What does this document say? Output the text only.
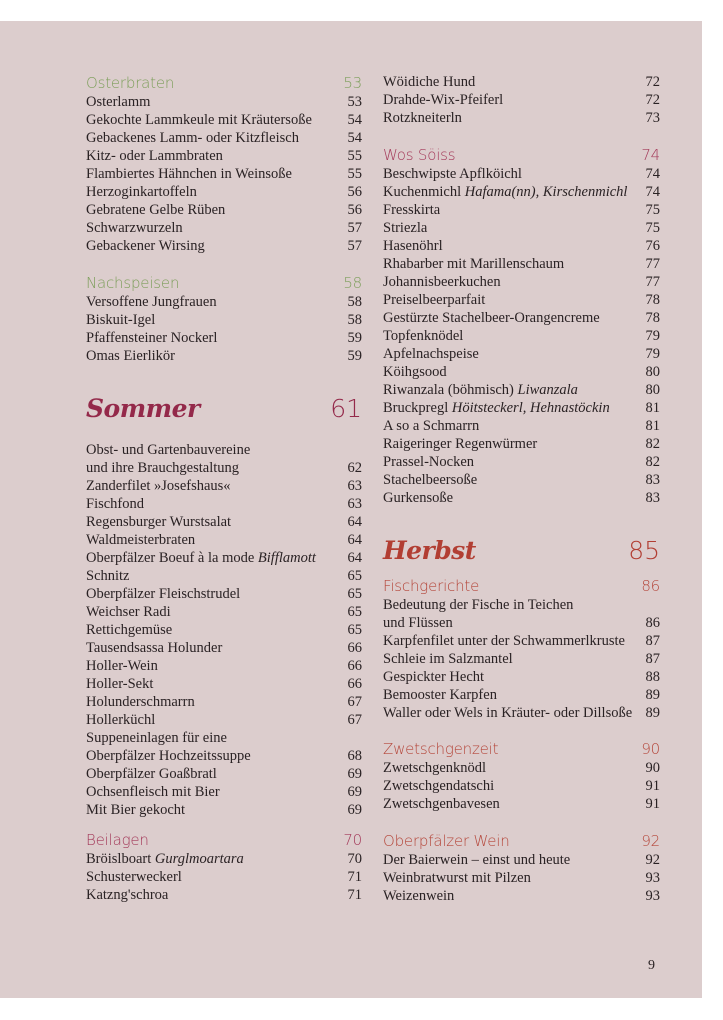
Osterbraten	53
Osterlamm	53
Gekochte Lammkeule mit Kräutersoße 54
Gebackenes Lamm- oder Kitzfleisch	54
Kitz- oder Lammbraten	55
Flambiertes Hähnchen in Weinsoße	55
Herzoginkartoffeln	56
Gebratene Gelbe Rüben	56
Schwarzwurzeln	57
Gebackener Wirsing	57
Nachspeisen	58
Versoffene Jungfrauen	58
Biskuit-Igel	58
Pfaffensteiner Nockerl	59
Omas Eierlikör	59
Sommer	61
Obst- und Gartenbauvereine
und ihre Brauchgestaltung	62
Zanderfilet »Josefshaus«	63
Fischfond	63
Regensburger Wurstsalat	64
Waldmeisterbraten	64
Oberpfälzer Boeuf à la mode Bifflamott 64
Schnitz	65
Oberpfälzer Fleischstrudel	65
Weichser Radi	65
Rettichgemüse	65
Tausendsassa Holunder	66
Holler-Wein	66
Holler-Sekt	66
Holunderschmarrn	67
Hollerküchl	67
Suppeneinlagen für eine
Oberpfälzer Hochzeitssuppe	68
Oberpfälzer Goaßbratl	69
Ochsenfleisch mit Bier	69
Mit Bier gekocht	69
Beilagen	70
Bröislboart Gurglmoartara	70
Schusterweckerl	71
Katzng'schroa	71
Wöidiche Hund	72
Drahde-Wix-Pfeiferl	72
Rotzkneiterln	73
Wos Söiss	74
Beschwipste Apflköichl	74
Kuchenmichl Hafama(nn), Kirschenmichl 74
Fresskirta	75
Striezla	75
Hasenöhrl	76
Rhabarber mit Marillenschaum	77
Johannisbeerkuchen	77
Preiselbeerparfait	78
Gestürzte Stachelbeer-Orangencreme	78
Topfenknödel	79
Apfelnachspeise	79
Köihgsood	80
Riwanzala (böhmisch) Liwanzala	80
Bruckpregl Höitsteckerl, Hehnastöckin 81
A so a Schmarrn	81
Raigeringer Regenwürmer	82
Prassel-Nocken	82
Stachelbeersoße	83
Gurkensoße	83
Herbst	85
Fischgerichte	86
Bedeutung der Fische in Teichen
und Flüssen	86
Karpfenfilet unter der Schwammerlkruste 87
Schleie im Salzmantel	87
Gespickter Hecht	88
Bemooster Karpfen	89
Waller oder Wels in Kräuter- oder Dillsoße 89
Zwetschgenzeit	90
Zwetschgenknödl	90
Zwetschgendatschi	91
Zwetschgenbavesen	91
Oberpfälzer Wein	92
Der Baierwein – einst und heute	92
Weinbratwurst mit Pilzen	93
Weizenwein	93
9
